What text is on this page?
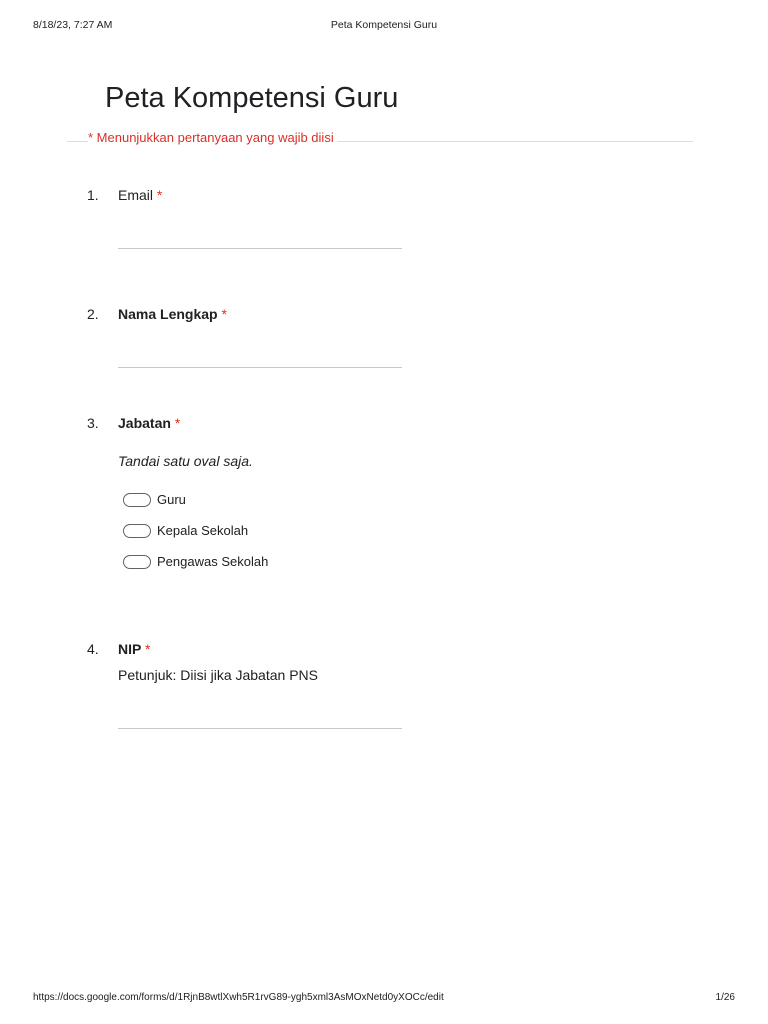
8/18/23, 7:27 AM	Peta Kompetensi Guru
Peta Kompetensi Guru
* Menunjukkan pertanyaan yang wajib diisi
1. Email *
2. Nama Lengkap *
3. Jabatan *
Tandai satu oval saja.
Guru
Kepala Sekolah
Pengawas Sekolah
4. NIP *
Petunjuk: Diisi jika Jabatan PNS
https://docs.google.com/forms/d/1RjnB8wtlXwh5R1rvG89-ygh5xml3AsMOxNetd0yXOCc/edit	1/26
